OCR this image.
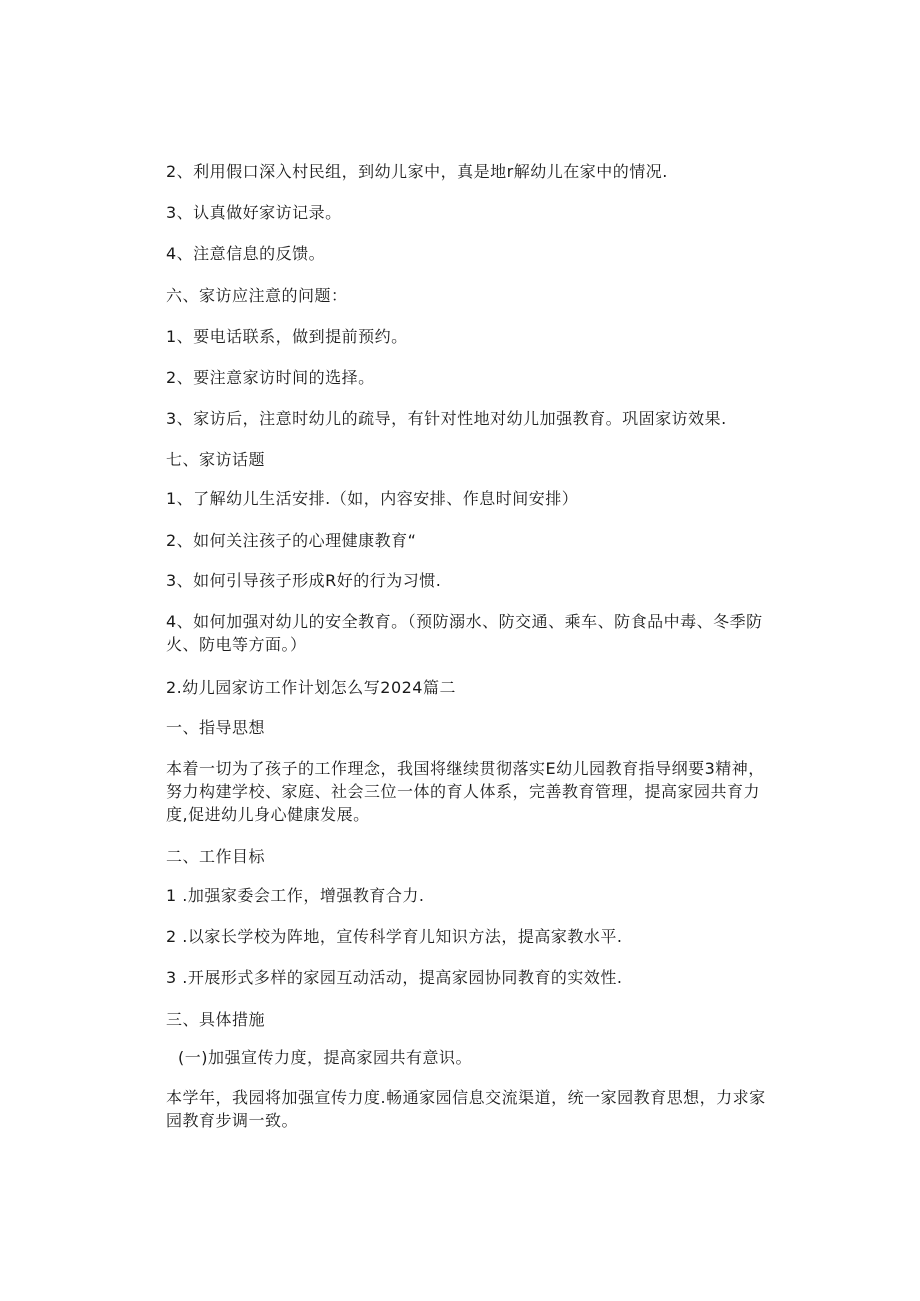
2、利用假口深入村民组，到幼儿家中，真是地r解幼儿在家中的情况.
3、认真做好家访记录。
4、注意信息的反馈。
六、家访应注意的问题：
1、要电话联系，做到提前预约。
2、要注意家访时间的选择。
3、家访后，注意时幼儿的疏导，有针对性地对幼儿加强教育。巩固家访效果.
七、家访话题
1、了解幼儿生活安排.（如，内容安排、作息时间安排）
2、如何关注孩子的心理健康教育“
3、如何引导孩子形成R好的行为习惯.
4、如何加强对幼儿的安全教育。（预防溺水、防交通、乘车、防食品中毒、冬季防火、防电等方面。）
2.幼儿园家访工作计划怎么写2024篇二
一、指导思想
本着一切为了孩子的工作理念，我国将继续贯彻落实E幼儿园教育指导纲要3精神，努力构建学校、家庭、社会三位一体的育人体系，完善教育管理，提高家园共育力度,促进幼儿身心健康发展。
二、工作目标
1 .加强家委会工作，增强教育合力.
2 .以家长学校为阵地，宣传科学育儿知识方法，提高家教水平.
3 .开展形式多样的家园互动活动，提高家园协同教育的实效性.
三、具体措施
(一)加强宣传力度，提高家园共有意识。
本学年，我园将加强宣传力度.畅通家园信息交流渠道，统一家园教育思想，力求家园教育步调一致。
